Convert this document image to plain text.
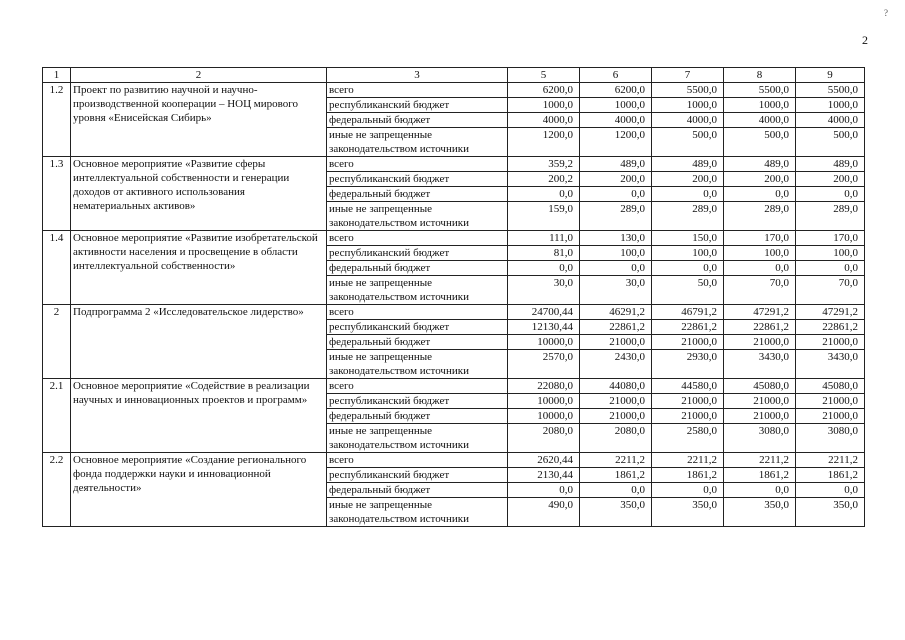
?
2
1	2	3	5	6	7	8	9
1.2	Проект по развитию научной и научно-производственной кооперации – НОЦ мирового уровня «Енисейская Сибирь»	всего	6200,0	6200,0	5500,0	5500,0	5500,0
		республиканский бюджет	1000,0	1000,0	1000,0	1000,0	1000,0
		федеральный бюджет	4000,0	4000,0	4000,0	4000,0	4000,0
		иные не запрещенные законодательством источники	1200,0	1200,0	500,0	500,0	500,0
1.3	Основное мероприятие «Развитие сферы интеллектуальной собственности и генерации доходов от активного использования нематериальных активов»	всего	359,2	489,0	489,0	489,0	489,0
		республиканский бюджет	200,2	200,0	200,0	200,0	200,0
		федеральный бюджет	0,0	0,0	0,0	0,0	0,0
		иные не запрещенные законодательством источники	159,0	289,0	289,0	289,0	289,0
1.4	Основное мероприятие «Развитие изобретательской активности населения и просвещение в области интеллектуальной собственности»	всего	111,0	130,0	150,0	170,0	170,0
		республиканский бюджет	81,0	100,0	100,0	100,0	100,0
		федеральный бюджет	0,0	0,0	0,0	0,0	0,0
		иные не запрещенные законодательством источники	30,0	30,0	50,0	70,0	70,0
2	Подпрограмма 2 «Исследовательское лидерство»	всего	24700,44	46291,2	46791,2	47291,2	47291,2
		республиканский бюджет	12130,44	22861,2	22861,2	22861,2	22861,2
		федеральный бюджет	10000,0	21000,0	21000,0	21000,0	21000,0
		иные не запрещенные законодательством источники	2570,0	2430,0	2930,0	3430,0	3430,0
2.1	Основное мероприятие «Содействие в реализации научных и инновационных проектов и программ»	всего	22080,0	44080,0	44580,0	45080,0	45080,0
		республиканский бюджет	10000,0	21000,0	21000,0	21000,0	21000,0
		федеральный бюджет	10000,0	21000,0	21000,0	21000,0	21000,0
		иные не запрещенные законодательством источники	2080,0	2080,0	2580,0	3080,0	3080,0
2.2	Основное мероприятие «Создание регионального фонда поддержки науки и инновационной деятельности»	всего	2620,44	2211,2	2211,2	2211,2	2211,2
		республиканский бюджет	2130,44	1861,2	1861,2	1861,2	1861,2
		федеральный бюджет	0,0	0,0	0,0	0,0	0,0
		иные не запрещенные законодательством источники	490,0	350,0	350,0	350,0	350,0
